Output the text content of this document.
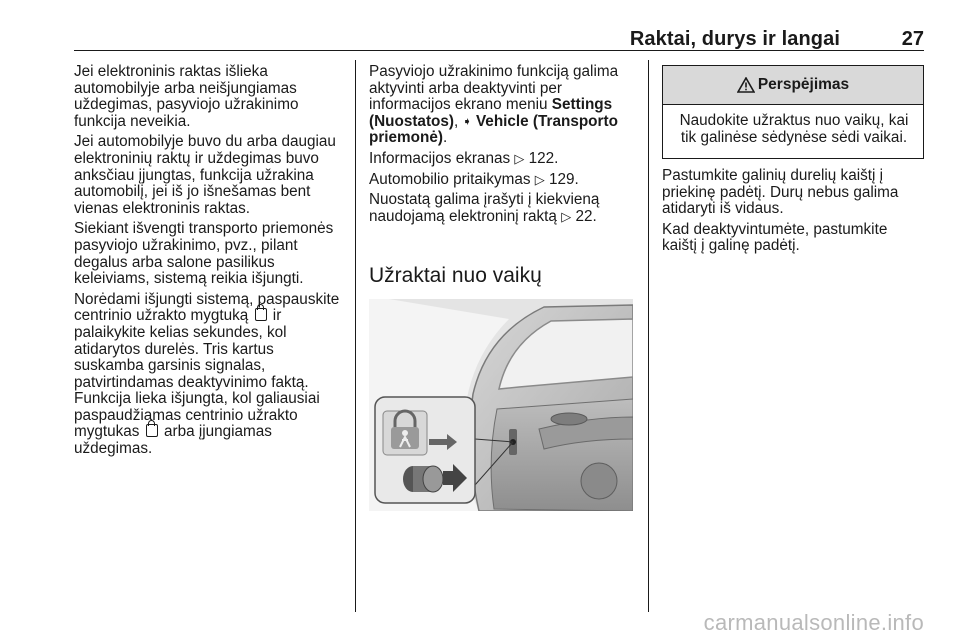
Raktai, durys ir langai	27

Jei elektroninis raktas išlieka automobilyje arba neišjungiamas uždegimas, pasyviojo užrakinimo funkcija neveikia.

Jei automobilyje buvo du arba daugiau elektroninių raktų ir uždegimas buvo anksčiau įjungtas, funkcija užrakina automobilį, jei iš jo išnešamas bent vienas elektroninis raktas.

Siekiant išvengti transporto priemonės pasyviojo užrakinimo, pvz., pilant degalus arba salone pasilikus keleiviams, sistemą reikia išjungti.

Norėdami išjungti sistemą, paspauskite centrinio užrakto mygtuką ir palaikykite kelias sekundes, kol atidarytos durelės. Tris kartus suskamba garsinis signalas, patvirtindamas deaktyvinimo faktą. Funkcija lieka išjungta, kol galiausiai paspaudžiamas centrinio užrakto mygtukas arba įjungiamas uždegimas.

Pasyviojo užrakinimo funkciją galima aktyvinti arba deaktyvinti per informacijos ekrano meniu Settings (Nuostatos), ➧ Vehicle (Transporto priemonė).

Informacijos ekranas ▷ 122.

Automobilio pritaikymas ▷ 129.

Nuostatą galima įrašyti į kiekvieną naudojamą elektroninį raktą ▷ 22.

Užraktai nuo vaikų
Perspėjimas
Naudokite užraktus nuo vaikų, kai tik galinėse sėdynėse sėdi vaikai.

Pastumkite galinių durelių kaištį į priekinę padėtį. Durų nebus galima atidaryti iš vidaus.

Kad deaktyvintumėte, pastumkite kaištį į galinę padėtį.

carmanualsonline.info
